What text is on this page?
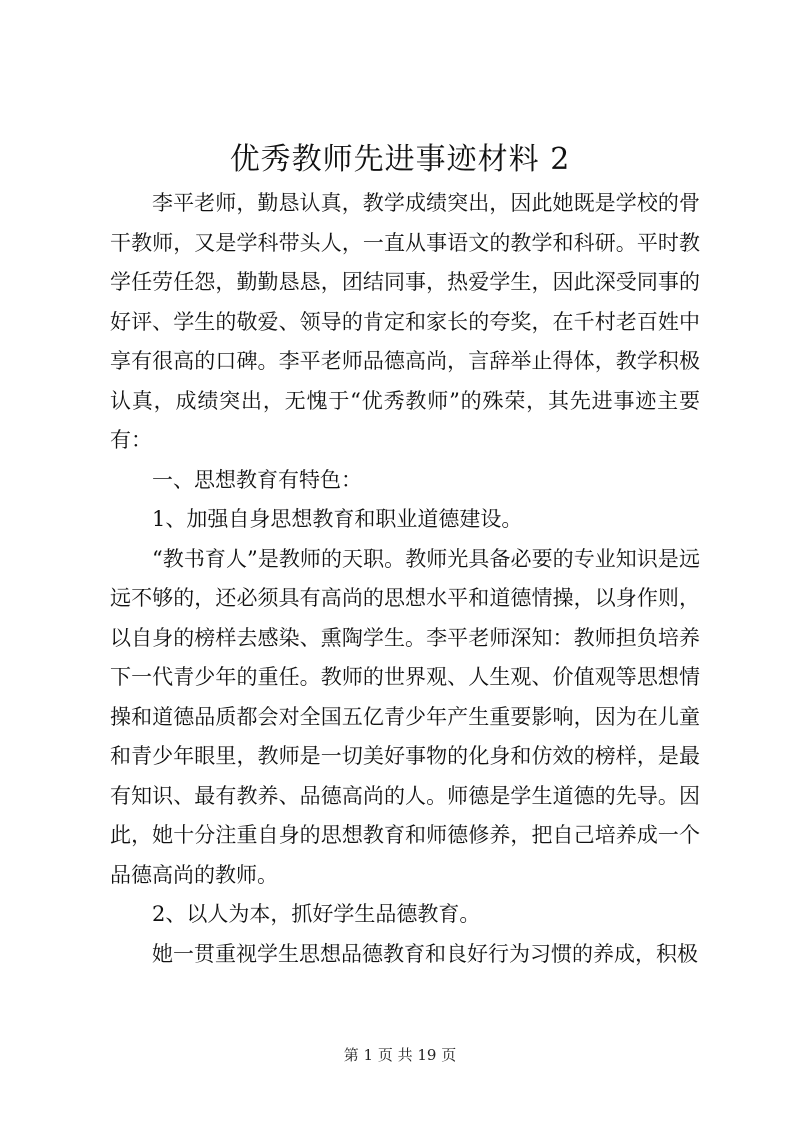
优秀教师先进事迹材料 2

李平老师，勤恳认真，教学成绩突出，因此她既是学校的骨干教师，又是学科带头人，一直从事语文的教学和科研。平时教学任劳任怨，勤勤恳恳，团结同事，热爱学生，因此深受同事的好评、学生的敬爱、领导的肯定和家长的夸奖，在千村老百姓中享有很高的口碑。李平老师品德高尚，言辞举止得体，教学积极认真，成绩突出，无愧于“优秀教师”的殊荣，其先进事迹主要有：

一、思想教育有特色：

1、加强自身思想教育和职业道德建设。

“教书育人”是教师的天职。教师光具备必要的专业知识是远远不够的，还必须具有高尚的思想水平和道德情操，以身作则，以自身的榜样去感染、熏陶学生。李平老师深知：教师担负培养下一代青少年的重任。教师的世界观、人生观、价值观等思想情操和道德品质都会对全国五亿青少年产生重要影响，因为在儿童和青少年眼里，教师是一切美好事物的化身和仿效的榜样，是最有知识、最有教养、品德高尚的人。师德是学生道德的先导。因此，她十分注重自身的思想教育和师德修养，把自己培养成一个品德高尚的教师。

2、以人为本，抓好学生品德教育。

她一贯重视学生思想品德教育和良好行为习惯的养成，积极

第 1 页 共 19 页
